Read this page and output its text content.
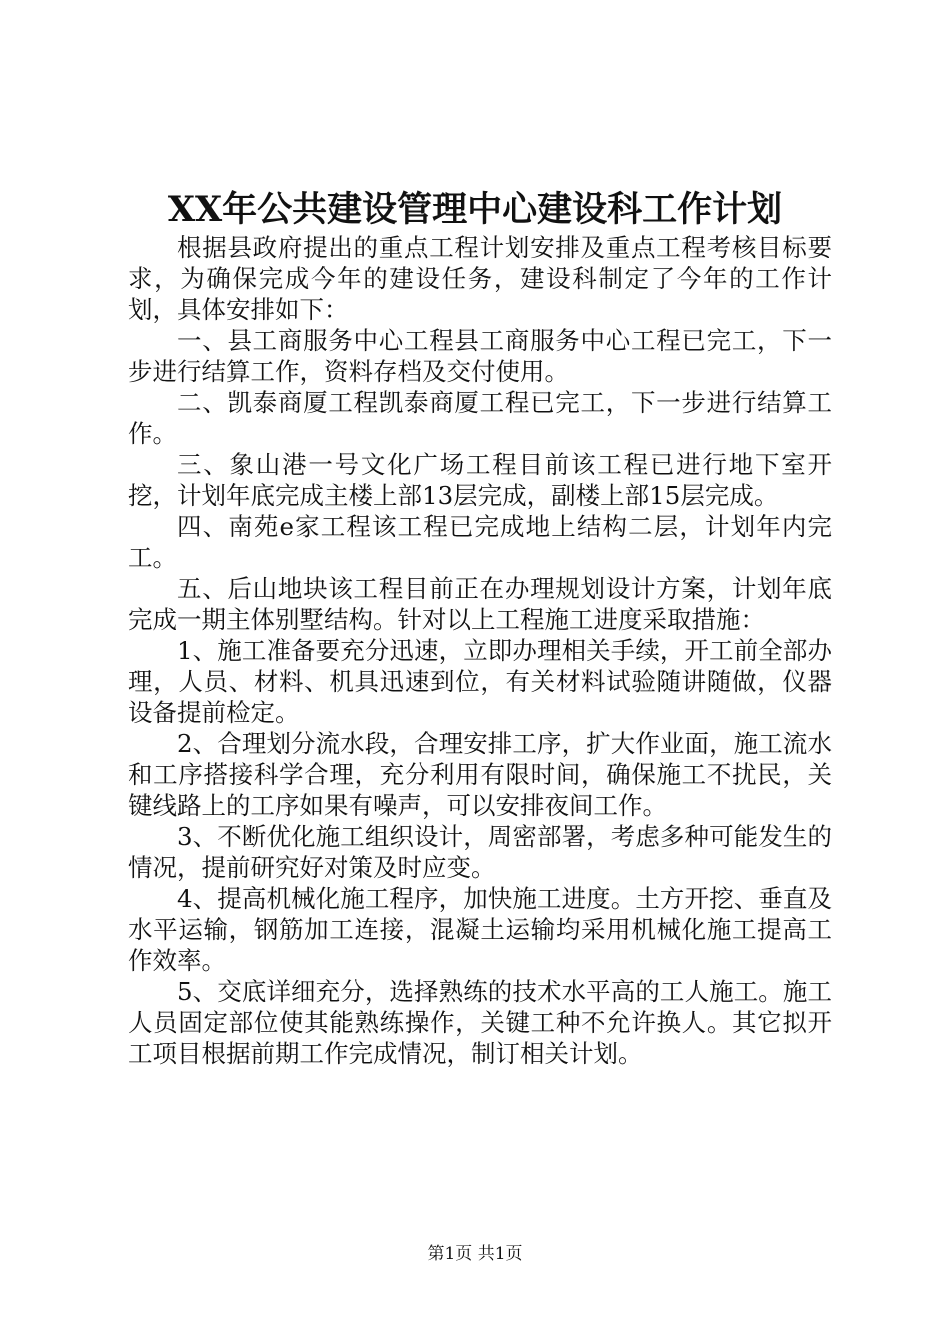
XX年公共建设管理中心建设科工作计划

根据县政府提出的重点工程计划安排及重点工程考核目标要求，为确保完成今年的建设任务，建设科制定了今年的工作计划，具体安排如下：

一、县工商服务中心工程县工商服务中心工程已完工，下一步进行结算工作，资料存档及交付使用。

二、凯泰商厦工程凯泰商厦工程已完工，下一步进行结算工作。

三、象山港一号文化广场工程目前该工程已进行地下室开挖，计划年底完成主楼上部13层完成，副楼上部15层完成。

四、南苑e家工程该工程已完成地上结构二层，计划年内完工。

五、后山地块该工程目前正在办理规划设计方案，计划年底完成一期主体别墅结构。针对以上工程施工进度采取措施：

1、施工准备要充分迅速，立即办理相关手续，开工前全部办理，人员、材料、机具迅速到位，有关材料试验随讲随做，仪器设备提前检定。

2、合理划分流水段，合理安排工序，扩大作业面，施工流水和工序搭接科学合理，充分利用有限时间，确保施工不扰民，关键线路上的工序如果有噪声，可以安排夜间工作。

3、不断优化施工组织设计，周密部署，考虑多种可能发生的情况，提前研究好对策及时应变。

4、提高机械化施工程序，加快施工进度。土方开挖、垂直及水平运输，钢筋加工连接，混凝土运输均采用机械化施工提高工作效率。

5、交底详细充分，选择熟练的技术水平高的工人施工。施工人员固定部位使其能熟练操作，关键工种不允许换人。其它拟开工项目根据前期工作完成情况，制订相关计划。

第1页 共1页
